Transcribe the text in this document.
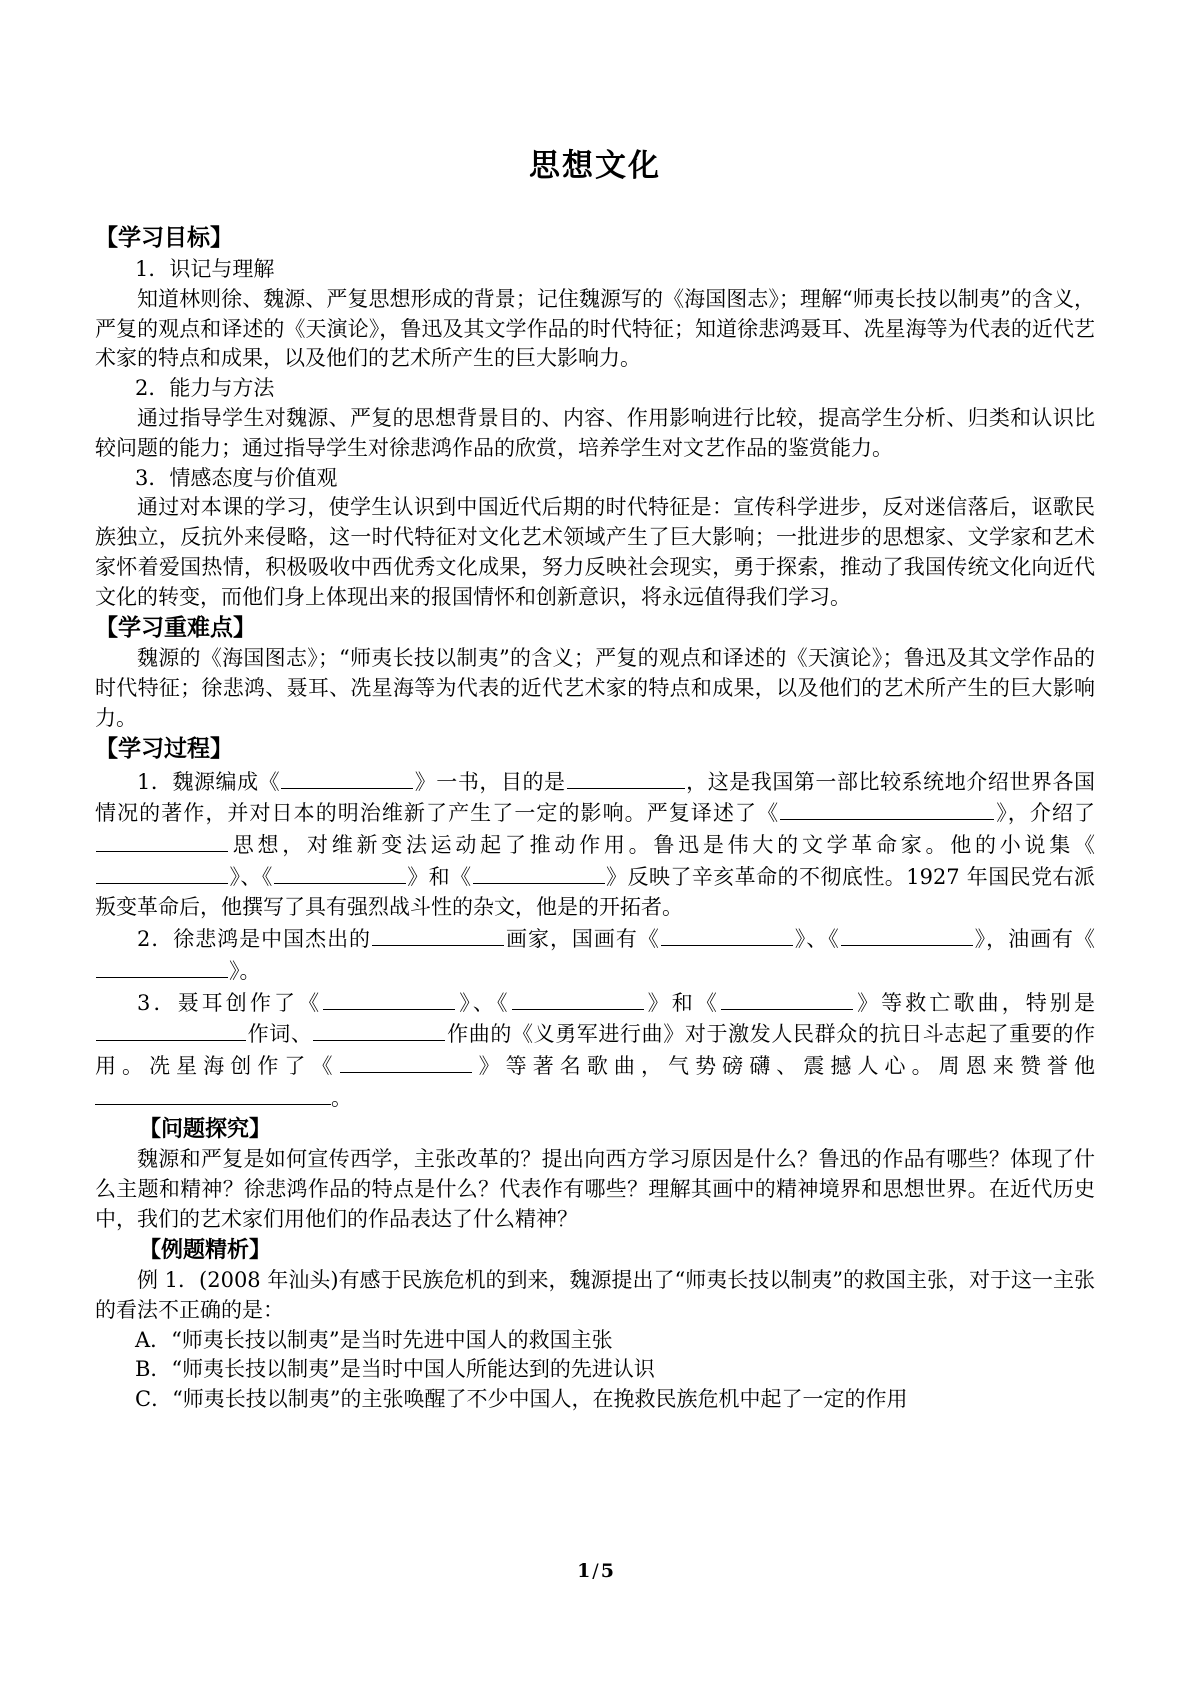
思想文化
【学习目标】
1．识记与理解
知道林则徐、魏源、严复思想形成的背景；记住魏源写的《海国图志》；理解“师夷长技以制夷”的含义，严复的观点和译述的《天演论》，鲁迅及其文学作品的时代特征；知道徐悲鸿聂耳、冼星海等为代表的近代艺术家的特点和成果，以及他们的艺术所产生的巨大影响力。
2．能力与方法
通过指导学生对魏源、严复的思想背景目的、内容、作用影响进行比较，提高学生分析、归类和认识比较问题的能力；通过指导学生对徐悲鸿作品的欣赏，培养学生对文艺作品的鉴赏能力。
3．情感态度与价值观
通过对本课的学习，使学生认识到中国近代后期的时代特征是：宣传科学进步，反对迷信落后，讴歌民族独立，反抗外来侵略，这一时代特征对文化艺术领域产生了巨大影响；一批进步的思想家、文学家和艺术家怀着爱国热情，积极吸收中西优秀文化成果，努力反映社会现实，勇于探索，推动了我国传统文化向近代文化的转变，而他们身上体现出来的报国情怀和创新意识，将永远值得我们学习。
【学习重难点】
魏源的《海国图志》；“师夷长技以制夷”的含义；严复的观点和译述的《天演论》；鲁迅及其文学作品的时代特征；徐悲鸿、聂耳、冼星海等为代表的近代艺术家的特点和成果，以及他们的艺术所产生的巨大影响力。
【学习过程】
1．魏源编成《	》一书，目的是	，这是我国第一部比较系统地介绍世界各国情况的著作，并对日本的明治维新了产生了一定的影响。严复译述了《	》，介绍了思想，对维新变法运动起了推动作用。鲁迅是伟大的文学革命家。他的小说集《》、《	》和《	》反映了辛亥革命的不彻底性。1927 年国民党右派叛变革命后，他撰写了具有强烈战斗性的杂文，他是的开拓者。
2．徐悲鸿是中国杰出的	画家，国画有《	》、《	》，油画有《》。
3．聂耳创作了《	》、《	》和《	》等救亡歌曲，特别是作词、	作曲的《义勇军进行曲》对于激发人民群众的抗日斗志起了重要的作用。冼星海创作了《	》等著名歌曲，气势磅礴、震撼人心。周恩来赞誉他。
【问题探究】
魏源和严复是如何宣传西学，主张改革的？提出向西方学习原因是什么？鲁迅的作品有哪些？体现了什么主题和精神？徐悲鸿作品的特点是什么？代表作有哪些？理解其画中的精神境界和思想世界。在近代历史中，我们的艺术家们用他们的作品表达了什么精神？
【例题精析】
例 1．(2008 年汕头)有感于民族危机的到来，魏源提出了“师夷长技以制夷”的救国主张，对于这一主张的看法不正确的是：
A．“师夷长技以制夷”是当时先进中国人的救国主张
B．“师夷长技以制夷”是当时中国人所能达到的先进认识
C．“师夷长技以制夷”的主张唤醒了不少中国人，在挽救民族危机中起了一定的作用
1 / 5
